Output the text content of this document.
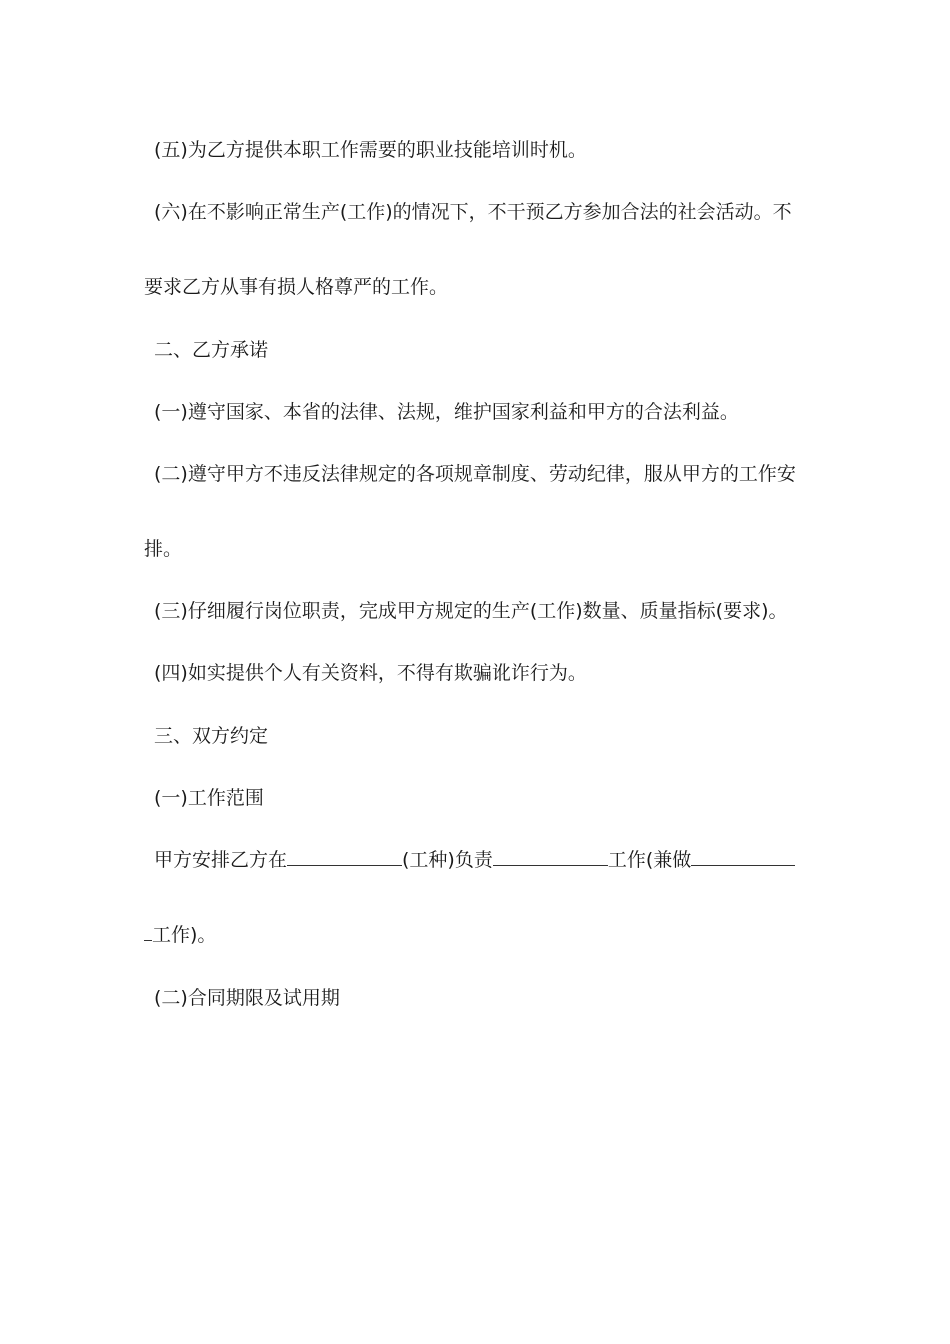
(五)为乙方提供本职工作需要的职业技能培训时机。
(六)在不影响正常生产(工作)的情况下，不干预乙方参加合法的社会活动。不
要求乙方从事有损人格尊严的工作。
二、乙方承诺
(一)遵守国家、本省的法律、法规，维护国家利益和甲方的合法利益。
(二)遵守甲方不违反法律规定的各项规章制度、劳动纪律，服从甲方的工作安
排。
(三)仔细履行岗位职责，完成甲方规定的生产(工作)数量、质量指标(要求)。
(四)如实提供个人有关资料，不得有欺骗讹诈行为。
三、双方约定
(一)工作范围
甲方安排乙方在	(工种)负责	工作(兼做
工作)。
(二)合同期限及试用期
